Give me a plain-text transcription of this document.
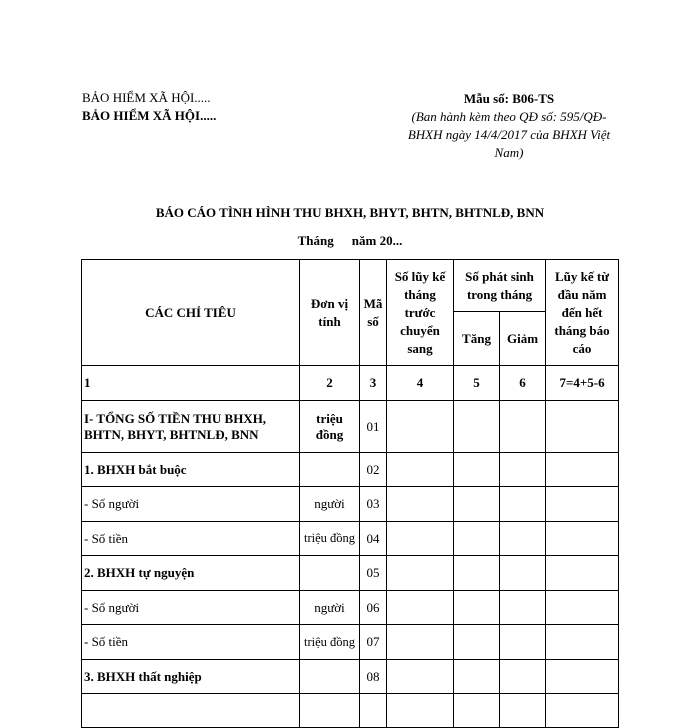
BẢO HIỂM XÃ HỘI.....
BẢO HIỂM XÃ HỘI.....
Mẫu số: B06-TS
(Ban hành kèm theo QĐ số: 595/QĐ-BHXH ngày 14/4/2017 của BHXH Việt Nam)
BÁO CÁO TÌNH HÌNH THU BHXH, BHYT, BHTN, BHTNLĐ, BNN
Tháng năm 20...
CÁC CHỈ TIÊU	Đơn vị tính	Mã số	Số lũy kế tháng trước chuyển sang	Số phát sinh trong tháng		Lũy kế từ đầu năm đến hết tháng báo cáo
				Tăng	Giảm	
1	2	3	4	5	6	7=4+5-6
I- TỔNG SỐ TIỀN THU BHXH, BHTN, BHYT, BHTNLĐ, BNN	triệu đồng	01				
1. BHXH bắt buộc		02				
- Số người	người	03				
- Số tiền	triệu đồng	04				
2. BHXH tự nguyện		05				
- Số người	người	06				
- Số tiền	triệu đồng	07				
3. BHXH thất nghiệp		08				
